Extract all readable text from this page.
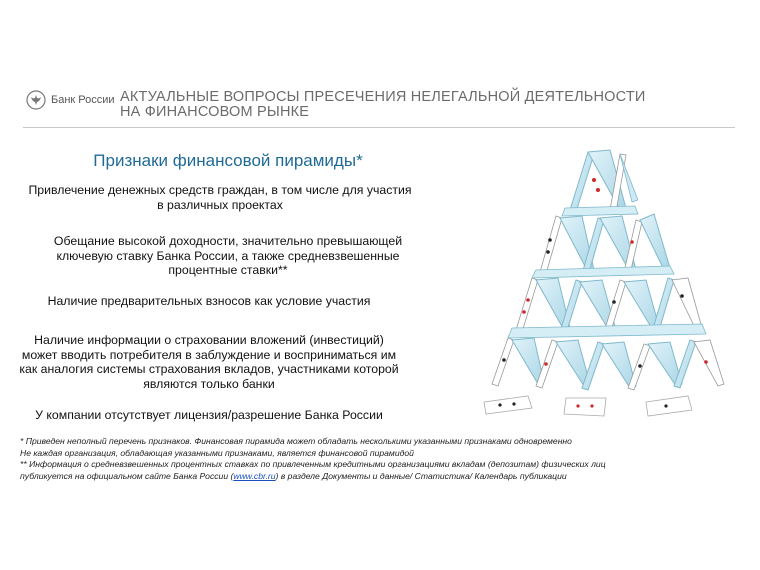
Банк России АКТУАЛЬНЫЕ ВОПРОСЫ ПРЕСЕЧЕНИЯ НЕЛЕГАЛЬНОЙ ДЕЯТЕЛЬНОСТИ
НА ФИНАНСОВОМ РЫНКЕ
Признаки финансовой пирамиды*
Привлечение денежных средств граждан, в том числе для участия
в различных проектах
Обещание высокой доходности, значительно превышающей
ключевую ставку Банка России, а также средневзвешенные
процентные ставки**
Наличие предварительных взносов как условие участия
Наличие информации о страховании вложений (инвестиций)
может вводить потребителя в заблуждение и восприниматься им
как аналогия системы страхования вкладов, участниками которой
являются только банки
У компании отсутствует лицензия/разрешение Банка России
* Приведен неполный перечень признаков. Финансовая пирамида может обладать несколькими указанными признаками одновременно
Не каждая организация, обладающая указанными признаками, является финансовой пирамидой
** Информация о средневзвешенных процентных ставках по привлеченным кредитными организациями вкладам (депозитам) физических лиц
публикуется на официальном сайте Банка России (www.cbr.ru) в разделе Документы и данные/ Статистика/ Календарь публикации
